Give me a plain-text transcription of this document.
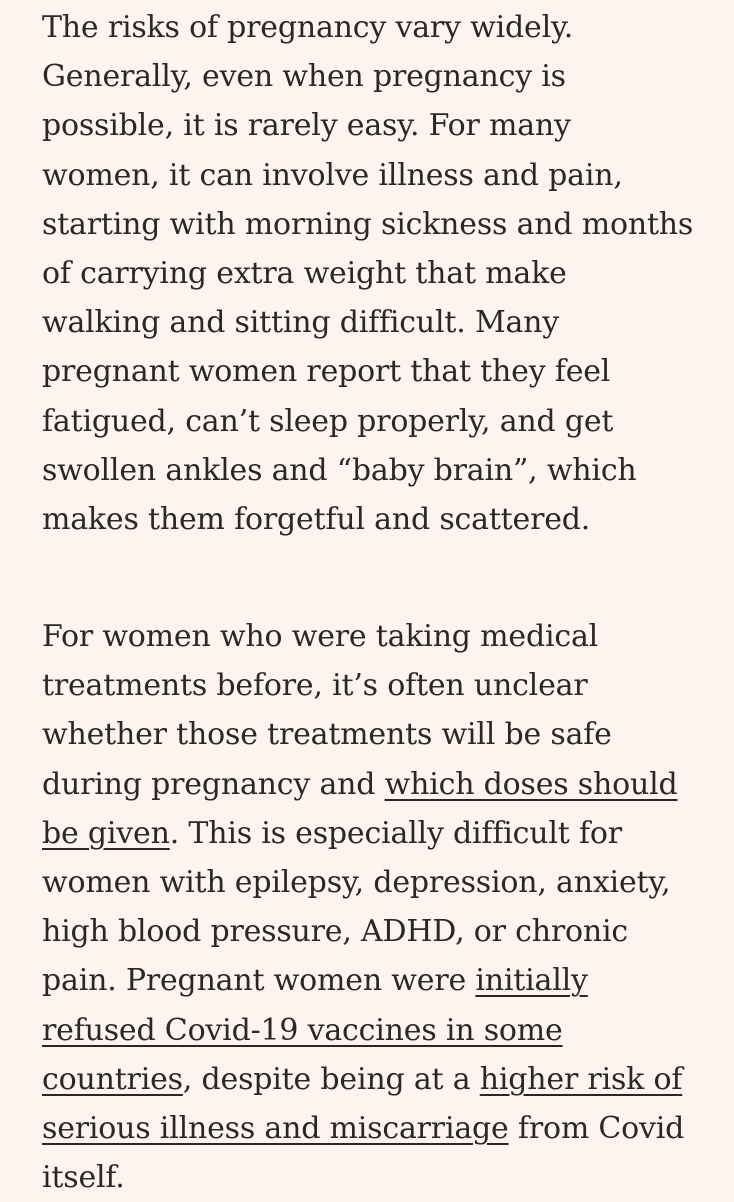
The risks of pregnancy vary widely. Generally, even when pregnancy is possible, it is rarely easy. For many women, it can involve illness and pain, starting with morning sickness and months of carrying extra weight that make walking and sitting difficult. Many pregnant women report that they feel fatigued, can’t sleep properly, and get swollen ankles and “baby brain”, which makes them forgetful and scattered.

For women who were taking medical treatments before, it’s often unclear whether those treatments will be safe during pregnancy and which doses should be given. This is especially difficult for women with epilepsy, depression, anxiety, high blood pressure, ADHD, or chronic pain. Pregnant women were initially refused Covid-19 vaccines in some countries, despite being at a higher risk of serious illness and miscarriage from Covid itself.
